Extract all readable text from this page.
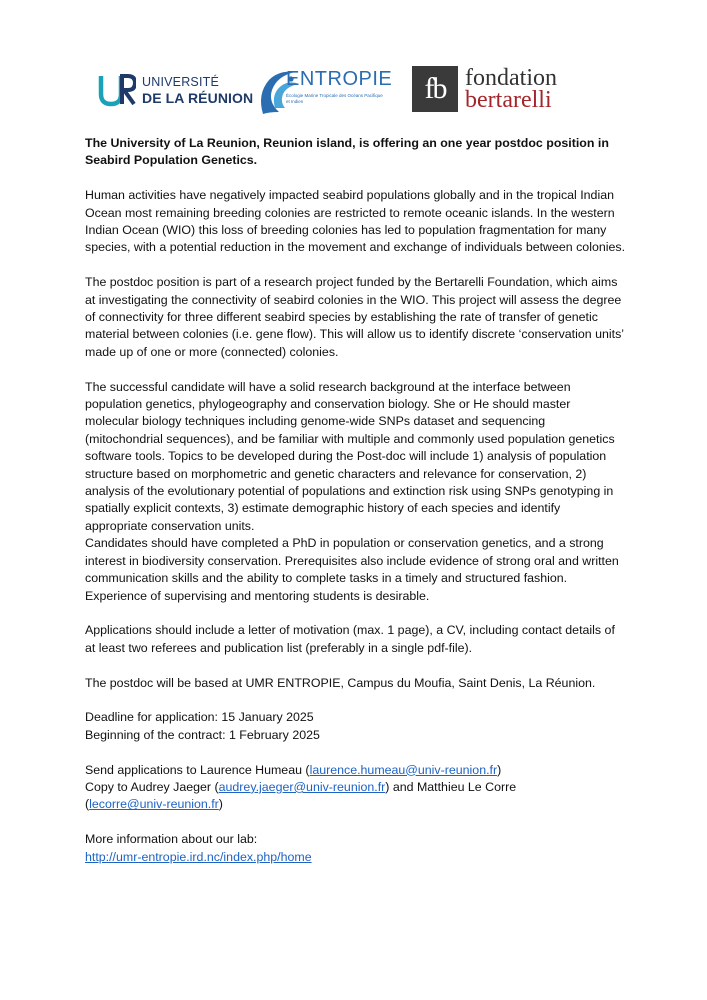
UNIVERSITÉ
DE LA RÉUNION
ENTROPIE
Écologie Marine Tropicale des Océans Pacifique et Indien	fb fondation
bertarelli

The University of La Reunion, Reunion island, is offering an one year postdoc position in Seabird Population Genetics.

Human activities have negatively impacted seabird populations globally and in the tropical Indian Ocean most remaining breeding colonies are restricted to remote oceanic islands. In the western Indian Ocean (WIO) this loss of breeding colonies has led to population fragmentation for many species, with a potential reduction in the movement and exchange of individuals between colonies.

The postdoc position is part of a research project funded by the Bertarelli Foundation, which aims at investigating the connectivity of seabird colonies in the WIO. This project will assess the degree of connectivity for three different seabird species by establishing the rate of transfer of genetic material between colonies (i.e. gene flow). This will allow us to identify discrete ‘conservation units’ made up of one or more (connected) colonies.

The successful candidate will have a solid research background at the interface between population genetics, phylogeography and conservation biology. She or He should master molecular biology techniques including genome-wide SNPs dataset and sequencing (mitochondrial sequences), and be familiar with multiple and commonly used population genetics software tools. Topics to be developed during the Post-doc will include 1) analysis of population structure based on morphometric and genetic characters and relevance for conservation, 2) analysis of the evolutionary potential of populations and extinction risk using SNPs genotyping in spatially explicit contexts, 3) estimate demographic history of each species and identify appropriate conservation units.

Candidates should have completed a PhD in population or conservation genetics, and a strong interest in biodiversity conservation. Prerequisites also include evidence of strong oral and written communication skills and the ability to complete tasks in a timely and structured fashion. Experience of supervising and mentoring students is desirable.

Applications should include a letter of motivation (max. 1 page), a CV, including contact details of at least two referees and publication list (preferably in a single pdf-file).

The postdoc will be based at UMR ENTROPIE, Campus du Moufia, Saint Denis, La Réunion.

Deadline for application: 15 January 2025

Beginning of the contract: 1 February 2025

Send applications to Laurence Humeau (laurence.humeau@univ-reunion.fr)

Copy to Audrey Jaeger (audrey.jaeger@univ-reunion.fr) and Matthieu Le Corre
(lecorre@univ-reunion.fr)

More information about our lab:

http://umr-entropie.ird.nc/index.php/home
